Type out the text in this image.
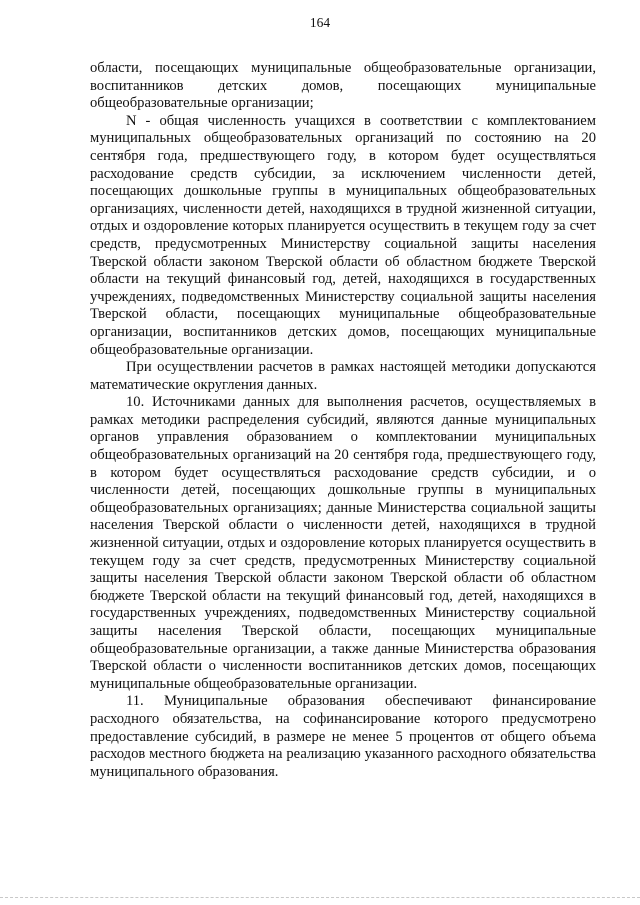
164

области, посещающих муниципальные общеобразовательные организации, воспитанников детских домов, посещающих муниципальные общеобразовательные организации;

N - общая численность учащихся в соответствии с комплектованием муниципальных общеобразовательных организаций по состоянию на 20 сентября года, предшествующего году, в котором будет осуществляться расходование средств субсидии, за исключением численности детей, посещающих дошкольные группы в муниципальных общеобразовательных организациях, численности детей, находящихся в трудной жизненной ситуации, отдых и оздоровление которых планируется осуществить в текущем году за счет средств, предусмотренных Министерству социальной защиты населения Тверской области законом Тверской области об областном бюджете Тверской области на текущий финансовый год, детей, находящихся в государственных учреждениях, подведомственных Министерству социальной защиты населения Тверской области, посещающих муниципальные общеобразовательные организации, воспитанников детских домов, посещающих муниципальные общеобразовательные организации.

При осуществлении расчетов в рамках настоящей методики допускаются математические округления данных.

10. Источниками данных для выполнения расчетов, осуществляемых в рамках методики распределения субсидий, являются данные муниципальных органов управления образованием о комплектовании муниципальных общеобразовательных организаций на 20 сентября года, предшествующего году, в котором будет осуществляться расходование средств субсидии, и о численности детей, посещающих дошкольные группы в муниципальных общеобразовательных организациях; данные Министерства социальной защиты населения Тверской области о численности детей, находящихся в трудной жизненной ситуации, отдых и оздоровление которых планируется осуществить в текущем году за счет средств, предусмотренных Министерству социальной защиты населения Тверской области законом Тверской области об областном бюджете Тверской области на текущий финансовый год, детей, находящихся в государственных учреждениях, подведомственных Министерству социальной защиты населения Тверской области, посещающих муниципальные общеобразовательные организации, а также данные Министерства образования Тверской области о численности воспитанников детских домов, посещающих муниципальные общеобразовательные организации.

11. Муниципальные образования обеспечивают финансирование расходного обязательства, на софинансирование которого предусмотрено предоставление субсидий, в размере не менее 5 процентов от общего объема расходов местного бюджета на реализацию указанного расходного обязательства муниципального образования.
